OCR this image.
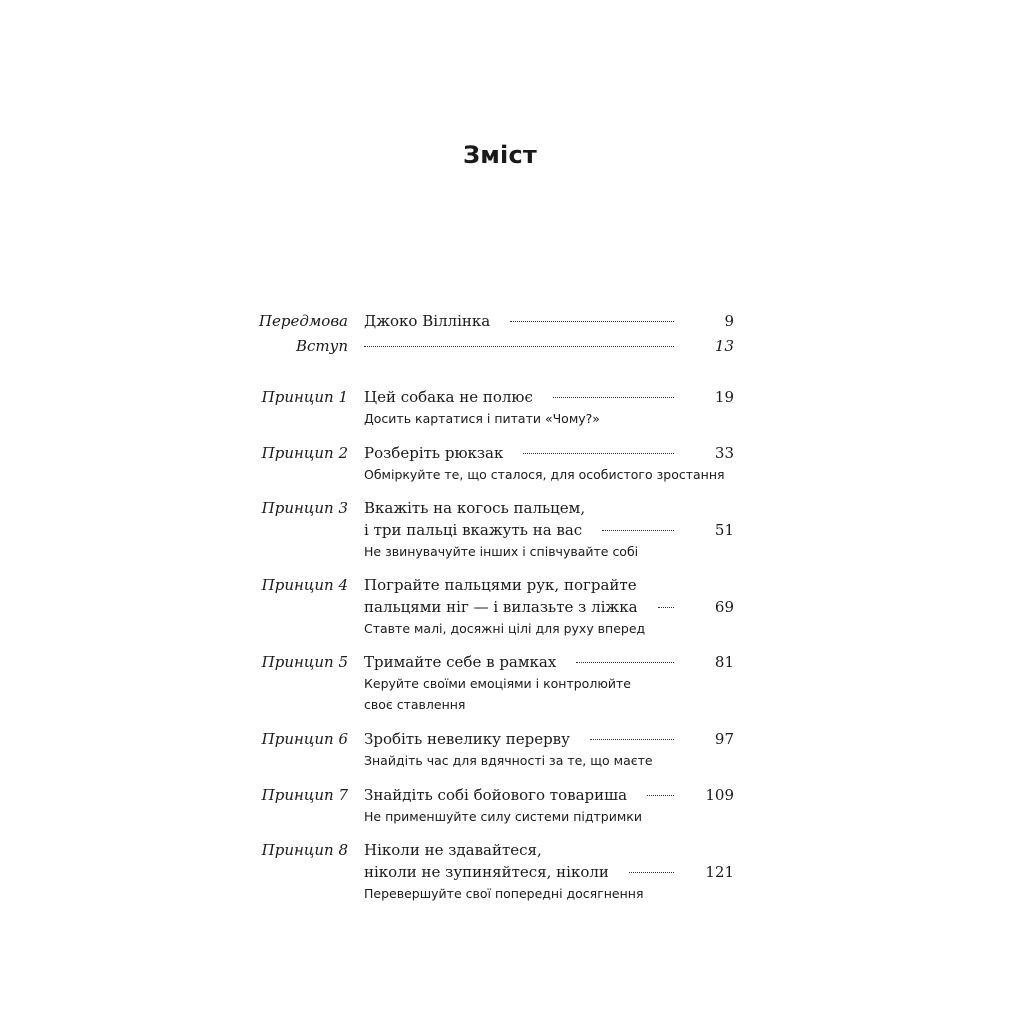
Зміст
Передмова Джоко Віллінка	9
Вступ	13
Принцип 1 Цей собака не полює	19
Досить картатися і питати «Чому?»
Принцип 2 Розберіть рюкзак	33
Обміркуйте те, що сталося, для особистого зростання
Принцип 3 Вкажіть на когось пальцем,
і три пальці вкажуть на вас	51
Не звинувачуйте інших і співчувайте собі
Принцип 4 Пограйте пальцями рук, пограйте
пальцями ніг — і вилазьте з ліжка	69
Ставте малі, досяжні цілі для руху вперед
Принцип 5 Тримайте себе в рамках	81
Керуйте своїми емоціями і контролюйте
своє ставлення
Принцип 6 Зробіть невелику перерву	97
Знайдіть час для вдячності за те, що маєте
Принцип 7 Знайдіть собі бойового товариша	109
Не применшуйте силу системи підтримки
Принцип 8 Ніколи не здавайтеся,
ніколи не зупиняйтеся, ніколи	121
Перевершуйте свої попередні досягнення
